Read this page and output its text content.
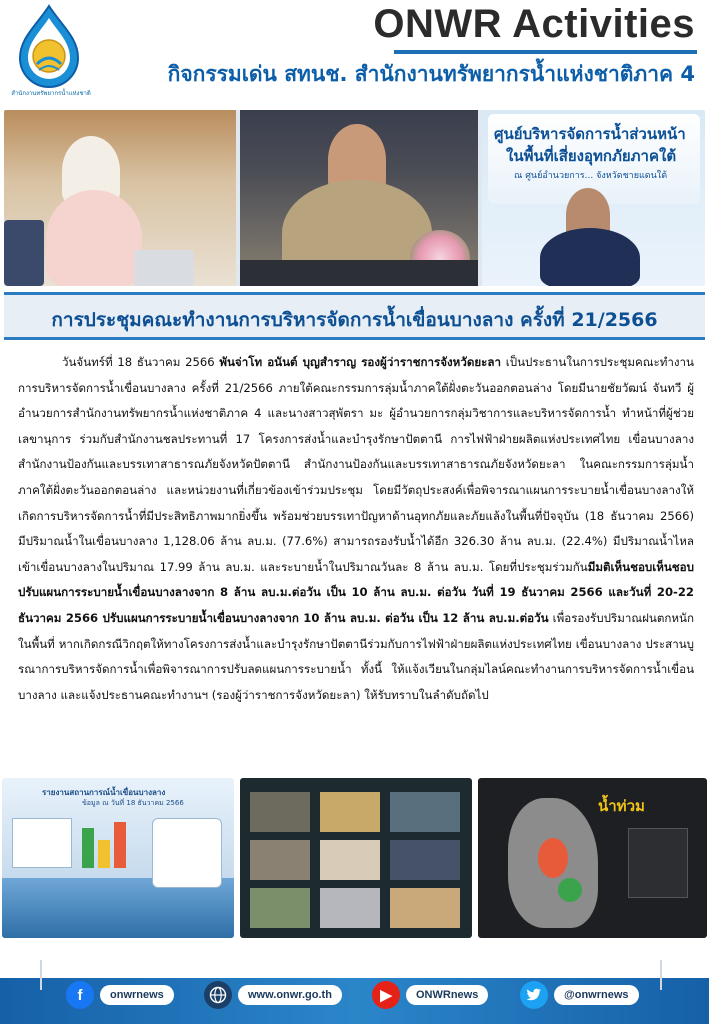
สำนักงานทรัพยากรน้ำแห่งชาติ
ONWR Activities
กิจกรรมเด่น สทนช. สำนักงานทรัพยากรน้ำแห่งชาติภาค 4
ศูนย์บริหารจัดการน้ำส่วนหน้า
ในพื้นที่เสี่ยงอุทกภัยภาคใต้
ณ ศูนย์อำนวยการ... จังหวัดชายแดนใต้
การประชุมคณะทำงานการบริหารจัดการน้ำเขื่อนบางลาง ครั้งที่ 21/2566
วันจันทร์ที่ 18 ธันวาคม 2566 พันจ่าโท อนันต์ บุญสำราญ รองผู้ว่าราชการจังหวัดยะลา เป็นประธานในการประชุมคณะทำงานการบริหารจัดการน้ำเขื่อนบางลาง ครั้งที่ 21/2566 ภายใต้คณะกรรมการลุ่มน้ำภาคใต้ฝั่งตะวันออกตอนล่าง โดยมีนายชัยวัฒน์ จันทวี ผู้อำนวยการสำนักงานทรัพยากรน้ำแห่งชาติภาค 4 และนางสาวสุพัตรา มะ ผู้อำนวยการกลุ่มวิชาการและบริหารจัดการน้ำ ทำหน้าที่ผู้ช่วยเลขานุการ ร่วมกับสำนักงานชลประทานที่ 17 โครงการส่งน้ำและบำรุงรักษาปัตตานี การไฟฟ้าฝ่ายผลิตแห่งประเทศไทย เขื่อนบางลาง สำนักงานป้องกันและบรรเทาสาธารณภัยจังหวัดปัตตานี สำนักงานป้องกันและบรรเทาสาธารณภัยจังหวัดยะลา ในคณะกรรมการลุ่มน้ำภาคใต้ฝั่งตะวันออกตอนล่าง และหน่วยงานที่เกี่ยวข้องเข้าร่วมประชุม โดยมีวัตถุประสงค์เพื่อพิจารณาแผนการระบายน้ำเขื่อนบางลางให้เกิดการบริหารจัดการน้ำที่มีประสิทธิภาพมากยิ่งขึ้น พร้อมช่วยบรรเทาปัญหาด้านอุทกภัยและภัยแล้งในพื้นที่ปัจจุบัน (18 ธันวาคม 2566) มีปริมาณน้ำในเขื่อนบางลาง 1,128.06 ล้าน ลบ.ม. (77.6%) สามารถรองรับน้ำได้อีก 326.30 ล้าน ลบ.ม. (22.4%) มีปริมาณน้ำไหลเข้าเขื่อนบางลางในปริมาณ 17.99 ล้าน ลบ.ม. และระบายน้ำในปริมาณวันละ 8 ล้าน ลบ.ม. โดยที่ประชุมร่วมกันมีมติเห็นชอบเห็นชอบปรับแผนการระบายน้ำเขื่อนบางลางจาก 8 ล้าน ลบ.ม.ต่อวัน เป็น 10 ล้าน ลบ.ม. ต่อวัน วันที่ 19 ธันวาคม 2566 และวันที่ 20-22 ธันวาคม 2566 ปรับแผนการระบายน้ำเขื่อนบางลางจาก 10 ล้าน ลบ.ม. ต่อวัน เป็น 12 ล้าน ลบ.ม.ต่อวัน เพื่อรองรับปริมาณฝนตกหนักในพื้นที่ หากเกิดกรณีวิกฤตให้ทางโครงการส่งน้ำและบำรุงรักษาปัตตานีร่วมกับการไฟฟ้าฝ่ายผลิตแห่งประเทศไทย เขื่อนบางลาง ประสานบูรณาการบริหารจัดการน้ำเพื่อพิจารณาการปรับลดแผนการระบายน้ำ ทั้งนี้ ให้แจ้งเวียนในกลุ่มไลน์คณะทำงานการบริหารจัดการน้ำเขื่อนบางลาง และแจ้งประธานคณะทำงานฯ (รองผู้ว่าราชการจังหวัดยะลา) ให้รับทราบในลำดับถัดไป
รายงานสถานการณ์น้ำเขื่อนบางลาง
ข้อมูล ณ วันที่ 18 ธันวาคม 2566	น้ำท่วม
f	onwrnews	www.onwr.go.th	▶	ONWRnews	@onwrnews
